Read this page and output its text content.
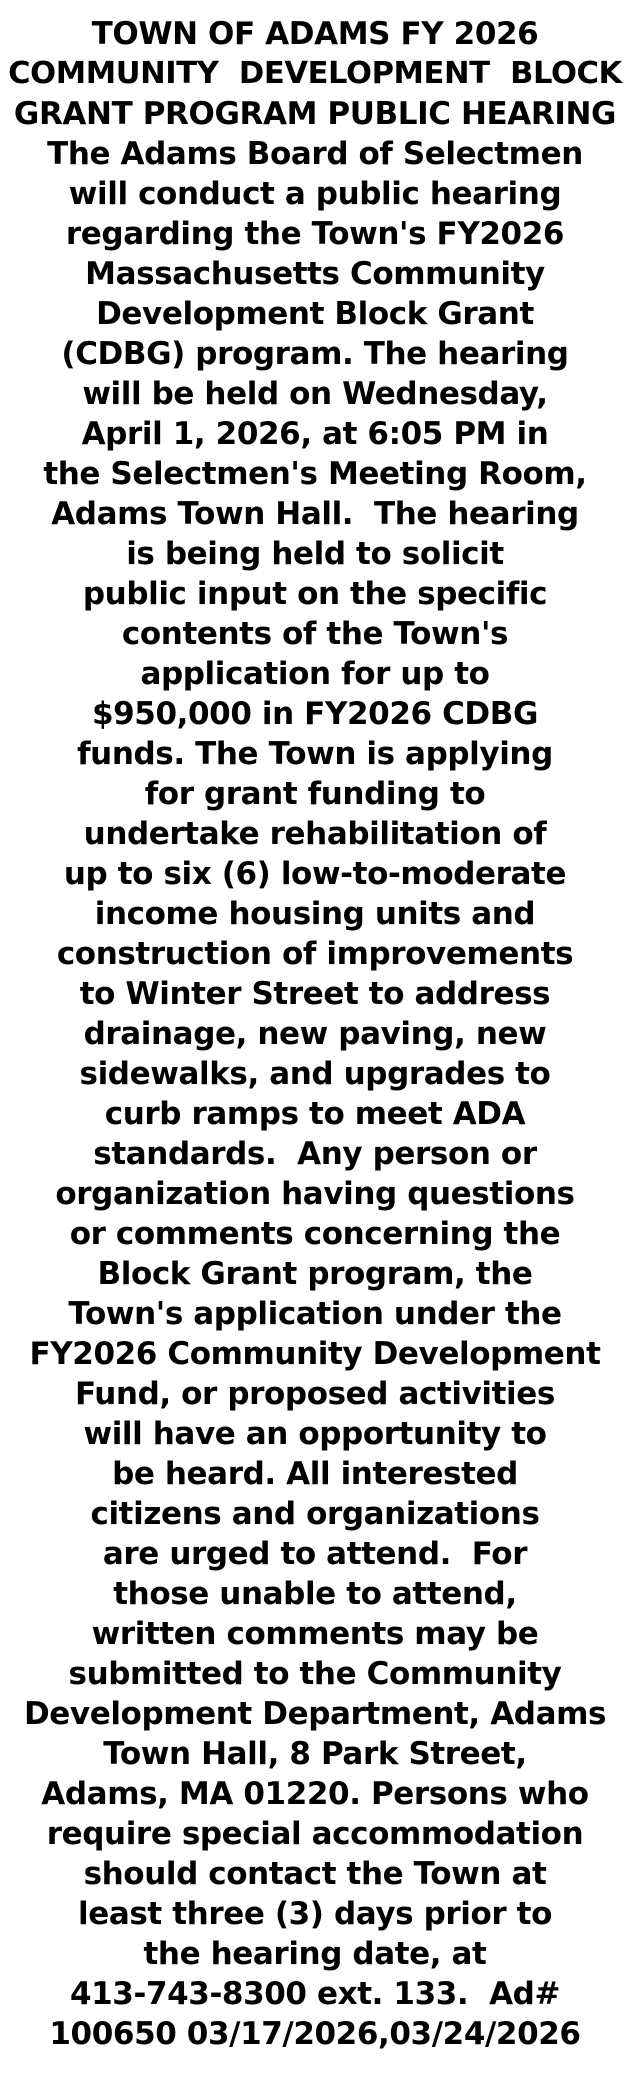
TOWN OF ADAMS FY 2026
COMMUNITY  DEVELOPMENT  BLOCK
GRANT PROGRAM PUBLIC HEARING
The Adams Board of Selectmen
will conduct a public hearing
regarding the Town's FY2026
Massachusetts Community
Development Block Grant
(CDBG) program. The hearing
will be held on Wednesday,
April 1, 2026, at 6:05 PM in
the Selectmen's Meeting Room,
Adams Town Hall.  The hearing
is being held to solicit
public input on the specific
contents of the Town's
application for up to
$950,000 in FY2026 CDBG
funds. The Town is applying
for grant funding to
undertake rehabilitation of
up to six (6) low-to-moderate
income housing units and
construction of improvements
to Winter Street to address
drainage, new paving, new
sidewalks, and upgrades to
curb ramps to meet ADA
standards.  Any person or
organization having questions
or comments concerning the
Block Grant program, the
Town's application under the
FY2026 Community Development
Fund, or proposed activities
will have an opportunity to
be heard. All interested
citizens and organizations
are urged to attend.  For
those unable to attend,
written comments may be
submitted to the Community
Development Department, Adams
Town Hall, 8 Park Street,
Adams, MA 01220. Persons who
require special accommodation
should contact the Town at
least three (3) days prior to
the hearing date, at
413-743-8300 ext. 133.  Ad#
100650 03/17/2026,03/24/2026
